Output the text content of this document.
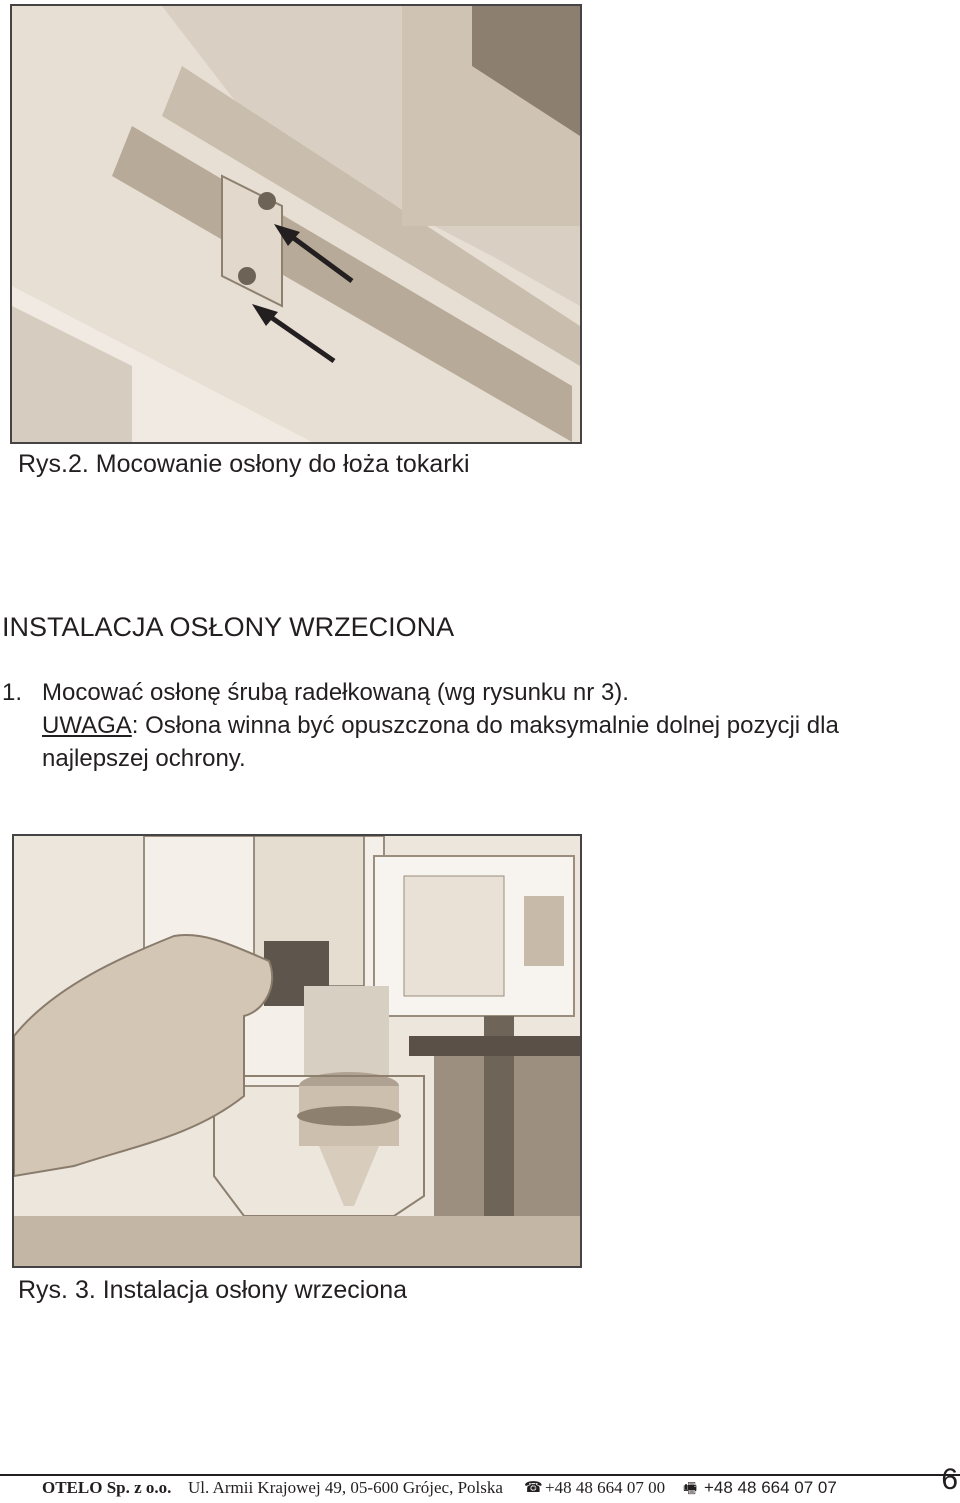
Rys.2. Mocowanie osłony do łoża tokarki
INSTALACJA OSŁONY WRZECIONA
1. Mocować osłonę śrubą radełkowaną (wg rysunku nr 3).
UWAGA: Osłona winna być opuszczona do maksymalnie dolnej pozycji dla najlepszej ochrony.
Rys. 3. Instalacja osłony wrzeciona
OTELO Sp. z o.o. Ul. Armii Krajowej 49, 05-600 Grójec, Polska ☎ +48 48 664 07 00 🖷 +48 48 664 07 07	6
